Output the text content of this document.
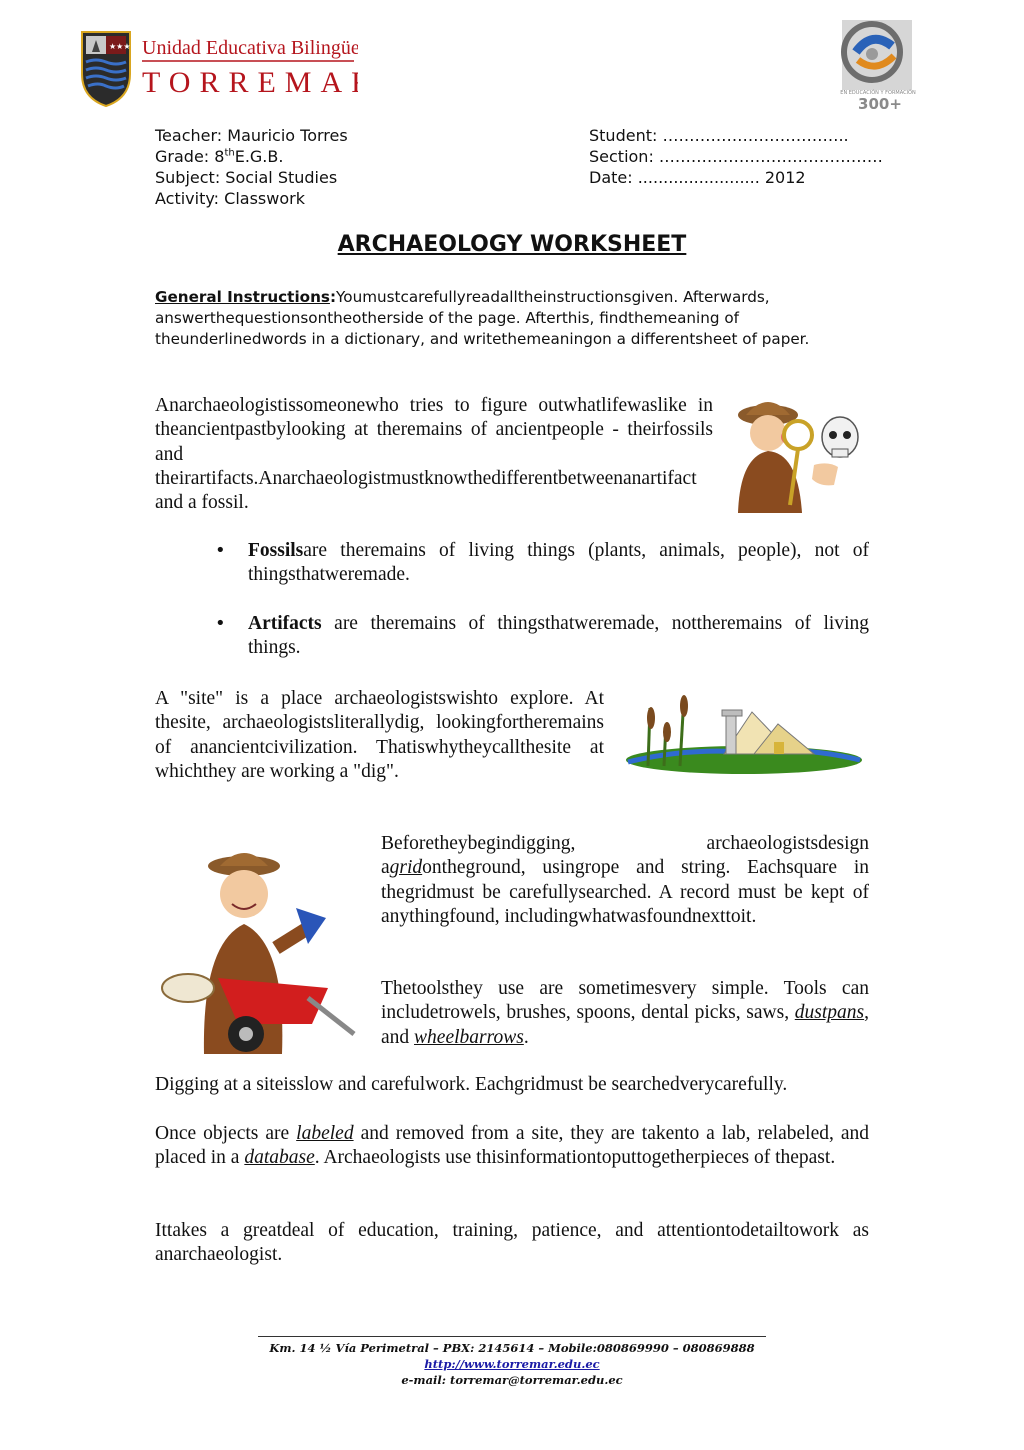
★★★ Unidad Educativa Bilingüe
TORREMAR	EN EDUCACIÓN Y FORMACIÓN
300+
Teacher: Mauricio Torres
Grade: 8thE.G.B.
Subject: Social Studies
Activity: Classwork
Student: ……………………………..
Section: ……………………………………
Date: ........................ 2012
ARCHAEOLOGY WORKSHEET
General Instructions:Youmustcarefullyreadalltheinstructionsgiven. Afterwards, answerthequestionsontheotherside of the page. Afterthis, findthemeaning of theunderlinedwords in a dictionary, and writethemeaningon a differentsheet of paper.
Anarchaeologistissomeonewho tries to figure outwhatlifewaslike in theancientpastbylooking at theremains of ancientpeople - theirfossils and theirartifacts.Anarchaeologistmustknowthedifferentbetweenanartifact and a fossil.
• Fossilsare theremains of living things (plants, animals, people), not of thingsthatweremade.
• Artifacts are theremains of thingsthatweremade, nottheremains of living things.
A "site" is a place archaeologistswishto explore. At thesite, archaeologistsliterallydig, lookingfortheremains of anancientcivilization. Thatiswhytheycallthesite at whichthey are working a "dig".
Beforetheybegindigging, archaeologistsdesign agridontheground, usingrope and string. Eachsquare in thegridmust be carefullysearched. A record must be kept of anythingfound, includingwhatwasfoundnexttoit.
Thetoolsthey use are sometimesvery simple. Tools can includetrowels, brushes, spoons, dental picks, saws, dustpans, and wheelbarrows.
Digging at a siteisslow and carefulwork. Eachgridmust be searchedverycarefully.
Once objects are labeled and removed from a site, they are takento a lab, relabeled, and placed in a database. Archaeologists use thisinformationtoputtogetherpieces of thepast.
Ittakes a greatdeal of education, training, patience, and attentiontodetailtowork as anarchaeologist.
Km. 14 ½ Vía Perimetral – PBX: 2145614 – Mobile:080869990 – 080869888
http://www.torremar.edu.ec
e-mail: torremar@torremar.edu.ec
